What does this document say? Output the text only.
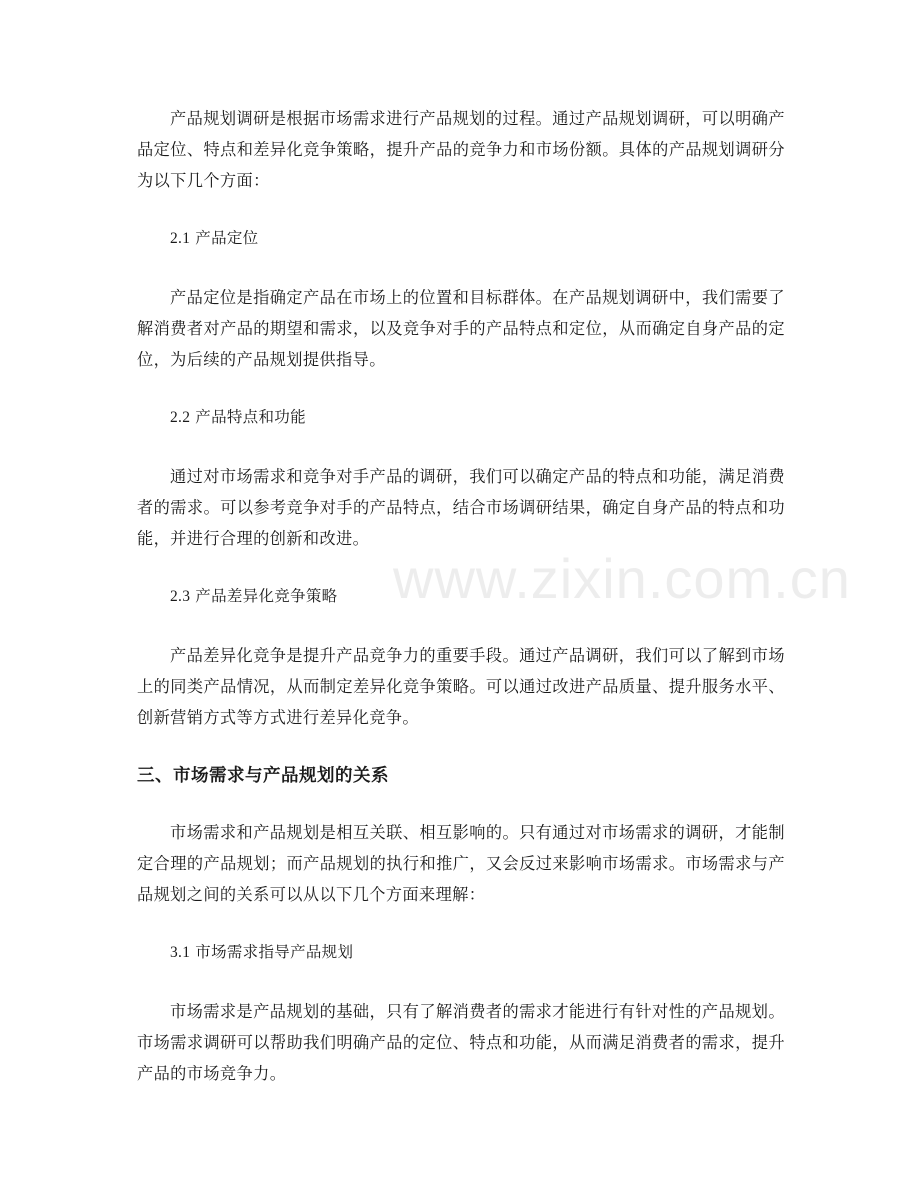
产品规划调研是根据市场需求进行产品规划的过程。通过产品规划调研，可以明确产品定位、特点和差异化竞争策略，提升产品的竞争力和市场份额。具体的产品规划调研分为以下几个方面：

2.1 产品定位

产品定位是指确定产品在市场上的位置和目标群体。在产品规划调研中，我们需要了解消费者对产品的期望和需求，以及竞争对手的产品特点和定位，从而确定自身产品的定位，为后续的产品规划提供指导。

2.2 产品特点和功能

通过对市场需求和竞争对手产品的调研，我们可以确定产品的特点和功能，满足消费者的需求。可以参考竞争对手的产品特点，结合市场调研结果，确定自身产品的特点和功能，并进行合理的创新和改进。

2.3 产品差异化竞争策略

产品差异化竞争是提升产品竞争力的重要手段。通过产品调研，我们可以了解到市场上的同类产品情况，从而制定差异化竞争策略。可以通过改进产品质量、提升服务水平、创新营销方式等方式进行差异化竞争。

三、市场需求与产品规划的关系

市场需求和产品规划是相互关联、相互影响的。只有通过对市场需求的调研，才能制定合理的产品规划；而产品规划的执行和推广，又会反过来影响市场需求。市场需求与产品规划之间的关系可以从以下几个方面来理解：

3.1 市场需求指导产品规划

市场需求是产品规划的基础，只有了解消费者的需求才能进行有针对性的产品规划。市场需求调研可以帮助我们明确产品的定位、特点和功能，从而满足消费者的需求，提升产品的市场竞争力。

www.zixin.com.cn
